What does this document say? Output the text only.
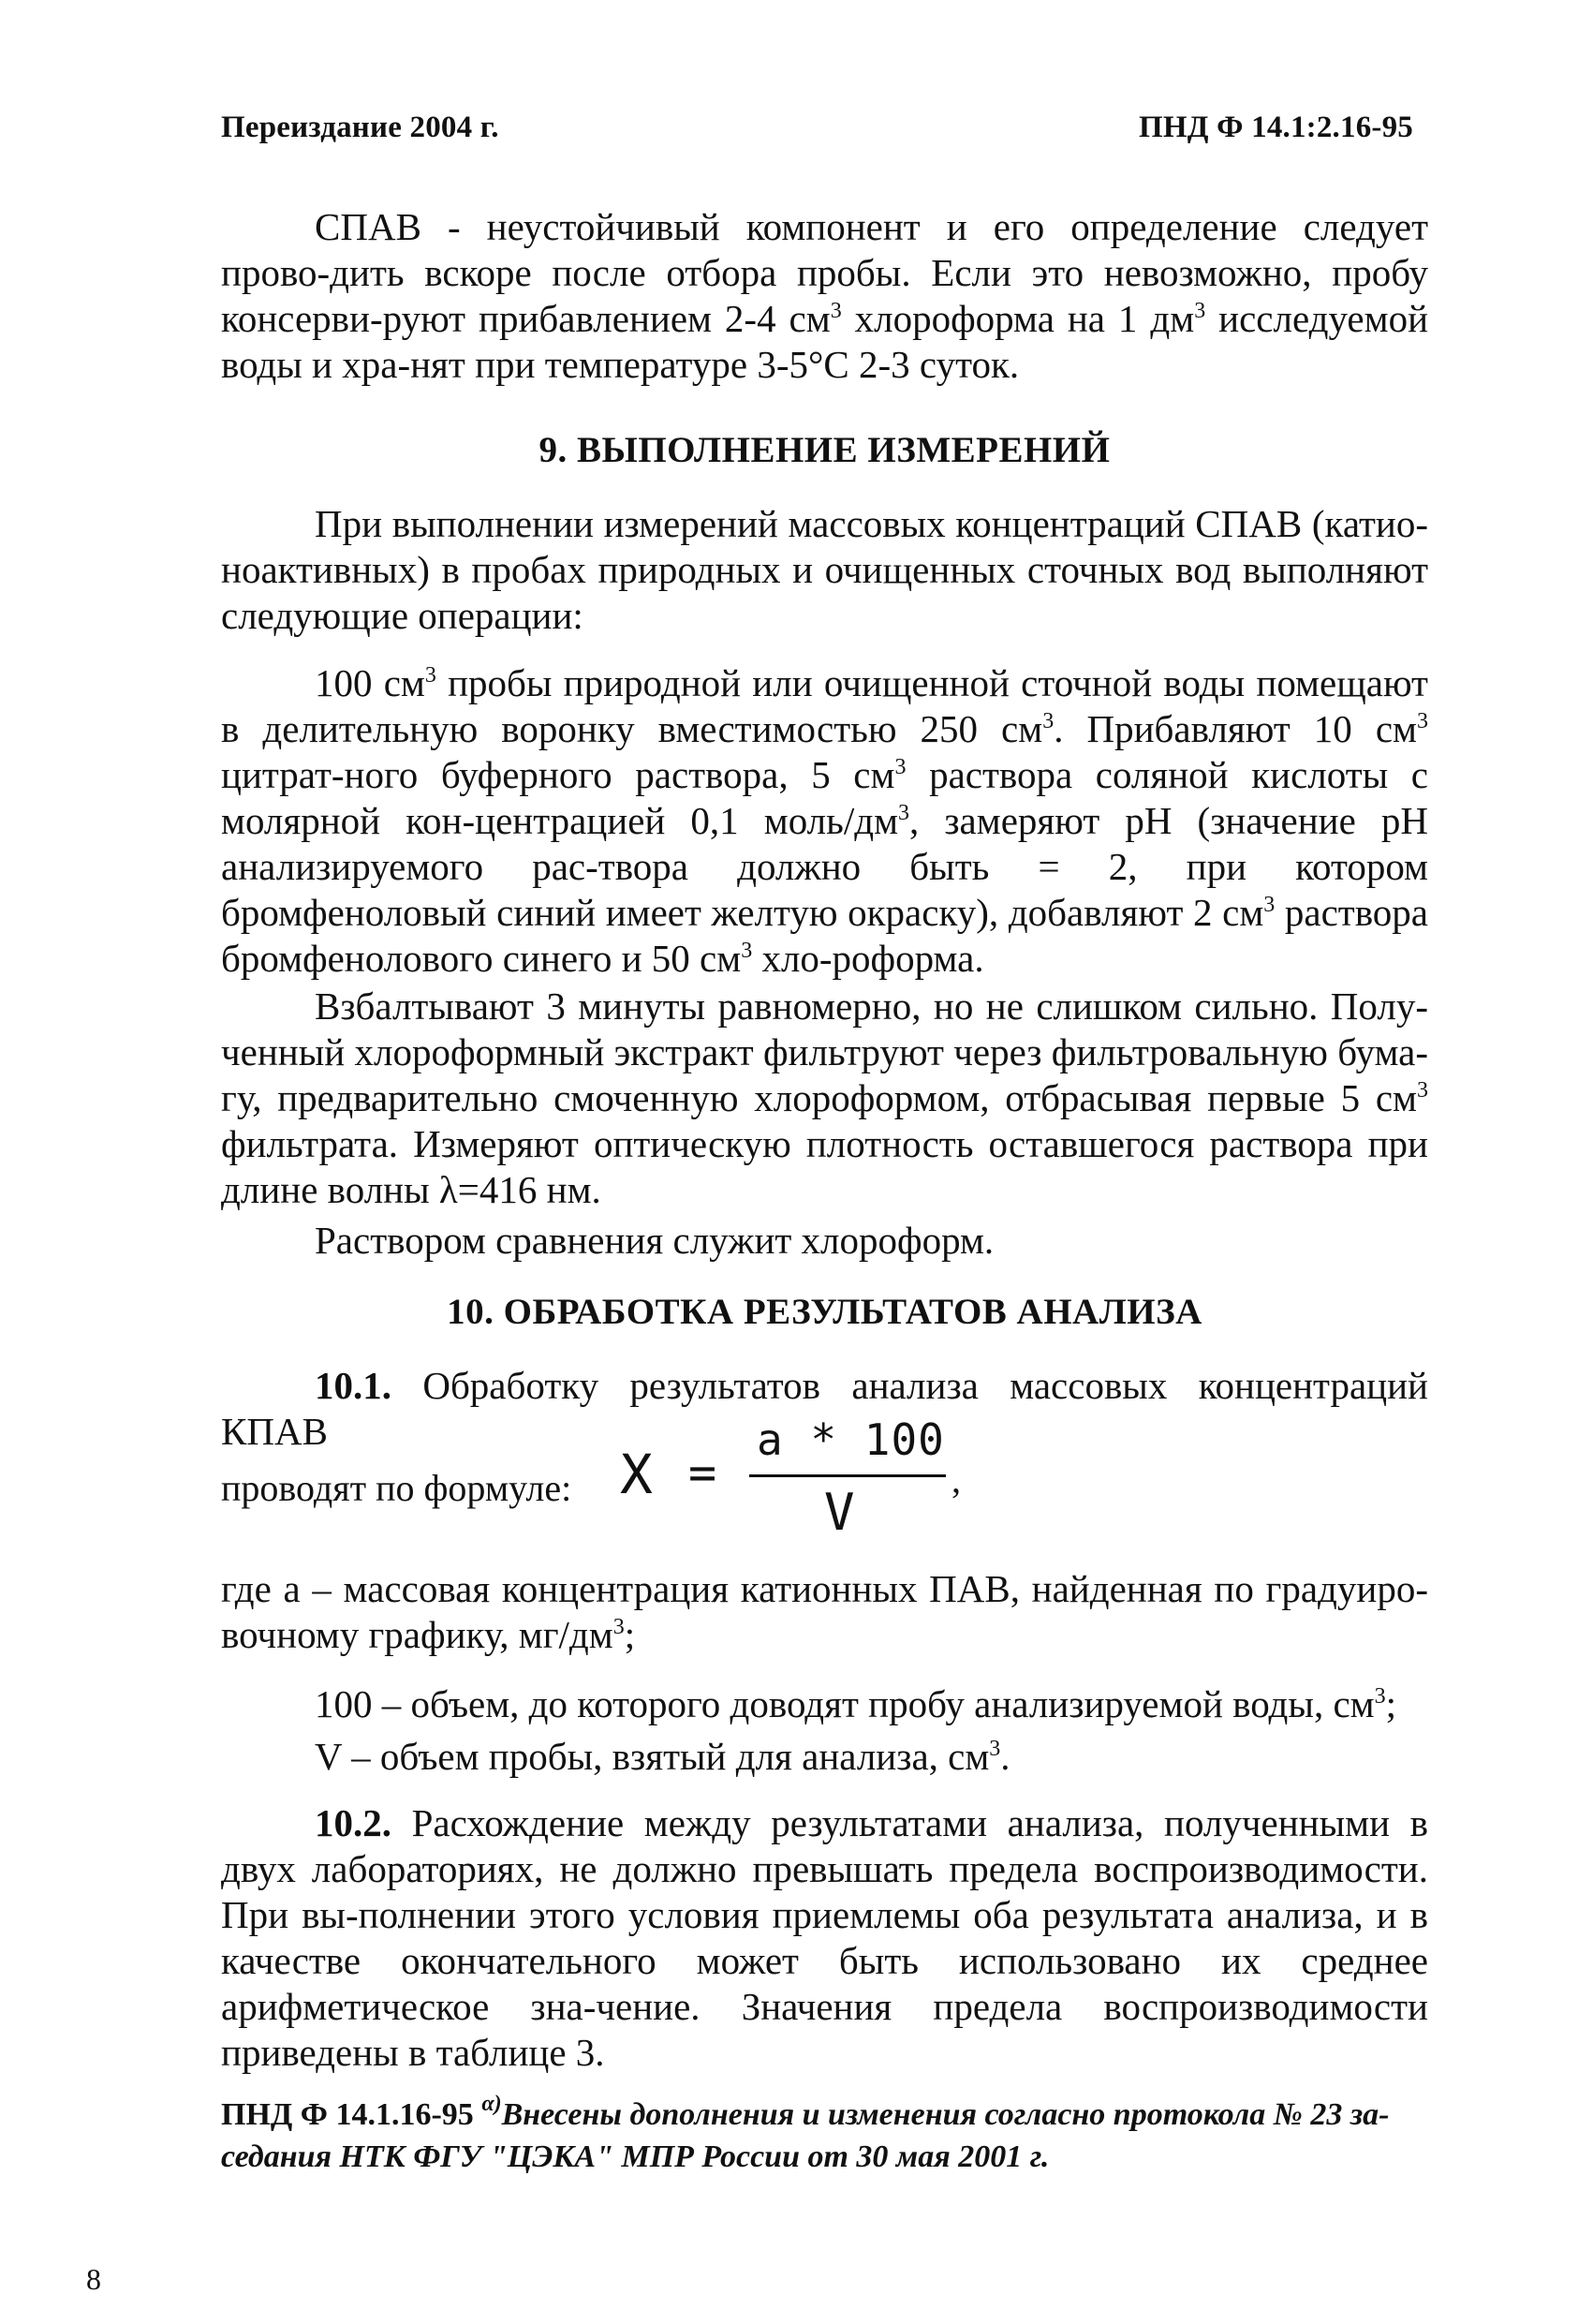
Переиздание 2004 г.	ПНД Ф 14.1:2.16-95
СПАВ - неустойчивый компонент и его определение следует прово-дить вскоре после отбора пробы. Если это невозможно, пробу консерви-руют прибавлением 2-4 $см^3$ хлороформа на 1 $дм^3$ исследуемой воды и хра-нят при температуре 3-5°С 2-3 суток.
9. ВЫПОЛНЕНИЕ ИЗМЕРЕНИЙ
При выполнении измерений массовых концентраций СПАВ (катио-ноактивных) в пробах природных и очищенных сточных вод выполняют следующие операции:
100 $см^3$ пробы природной или очищенной сточной воды помещают в делительную воронку вместимостью 250 $см^3$. Прибавляют 10 $см^3$ цитрат-ного буферного раствора, 5 $см^3$ раствора соляной кислоты с молярной кон-центрацией 0,1 моль/$дм^3$, замеряют рН (значение рН анализируемого рас-твора должно быть = 2, при котором бромфеноловый синий имеет желтую окраску), добавляют 2 $см^3$ раствора бромфенолового синего и 50 $см^3$ хло-роформа.
Взбалтывают 3 минуты равномерно, но не слишком сильно. Полу-ченный хлороформный экстракт фильтруют через фильтровальную бума-гу, предварительно смоченную хлороформом, отбрасывая первые 5 $см^3$ фильтрата. Измеряют оптическую плотность оставшегося раствора при длине волны λ=416 нм.
Раствором сравнения служит хлороформ.
10. ОБРАБОТКА РЕЗУЛЬТАТОВ АНАЛИЗА
10.1. Обработку результатов анализа массовых концентраций КПАВ
проводят по формуле: X =
a * 100
V
,
где а – массовая концентрация катионных ПАВ, найденная по градуиро-вочному графику, $мг/дм^3$;
100 – объем, до которого доводят пробу анализируемой воды, $см^3$;
V – объем пробы, взятый для анализа, $см^3$.
10.2. Расхождение между результатами анализа, полученными в двух лабораториях, не должно превышать предела воспроизводимости. При вы-полнении этого условия приемлемы оба результата анализа, и в качестве окончательного может быть использовано их среднее арифметическое зна-чение. Значения предела воспроизводимости приведены в таблице 3.
ПНД Ф 14.1.16-95 $^{\alpha)}$Внесены дополнения и изменения согласно протокола № 23 за-седания НТК ФГУ "ЦЭКА" МПР России от 30 мая 2001 г.
8
